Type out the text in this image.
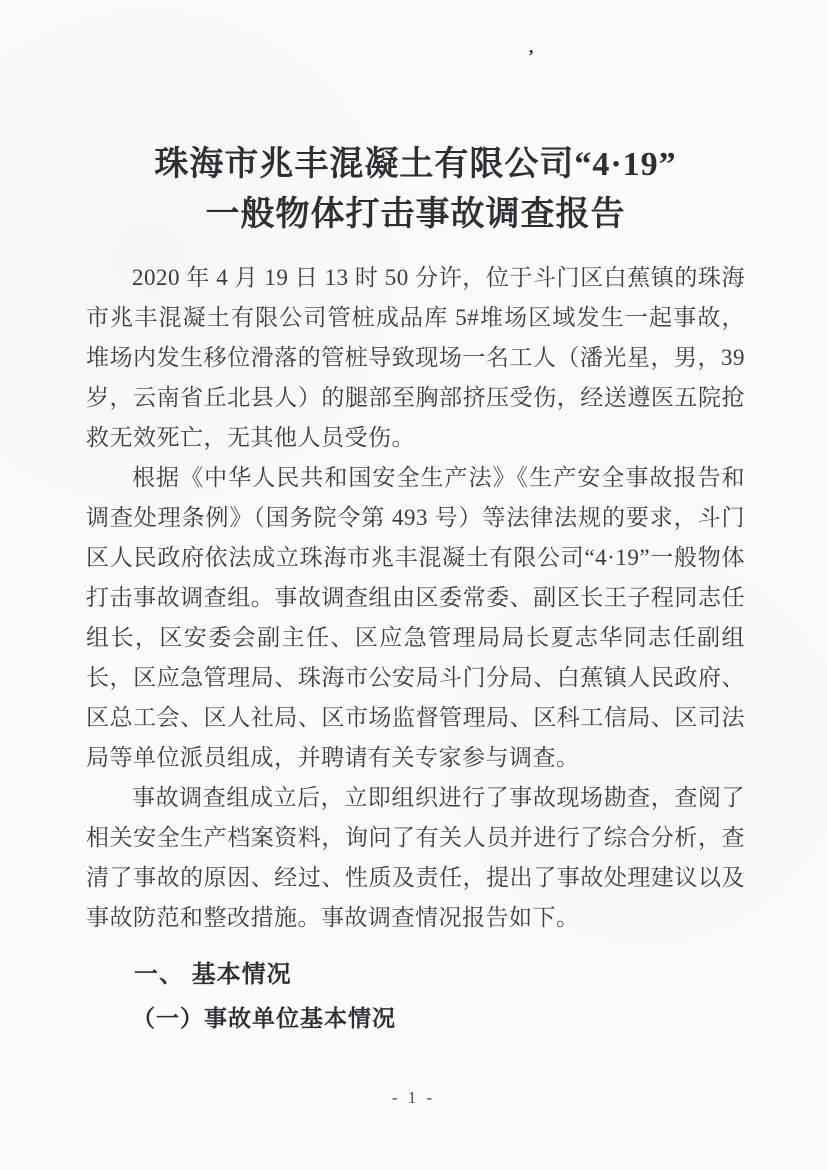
’
珠海市兆丰混凝土有限公司“4·19”
一般物体打击事故调查报告

2020 年 4 月 19 日 13 时 50 分许，位于斗门区白蕉镇的珠海市兆丰混凝土有限公司管桩成品库 5#堆场区域发生一起事故，堆场内发生移位滑落的管桩导致现场一名工人（潘光星，男，39 岁，云南省丘北县人）的腿部至胸部挤压受伤，经送遵医五院抢救无效死亡，无其他人员受伤。

根据《中华人民共和国安全生产法》《生产安全事故报告和调查处理条例》（国务院令第 493 号）等法律法规的要求，斗门区人民政府依法成立珠海市兆丰混凝土有限公司“4·19”一般物体打击事故调查组。事故调查组由区委常委、副区长王子程同志任组长，区安委会副主任、区应急管理局局长夏志华同志任副组长，区应急管理局、珠海市公安局斗门分局、白蕉镇人民政府、区总工会、区人社局、区市场监督管理局、区科工信局、区司法局等单位派员组成，并聘请有关专家参与调查。

事故调查组成立后，立即组织进行了事故现场勘查，查阅了相关安全生产档案资料，询问了有关人员并进行了综合分析，查清了事故的原因、经过、性质及责任，提出了事故处理建议以及事故防范和整改措施。事故调查情况报告如下。

一、 基本情况
（一）事故单位基本情况
- 1 -
